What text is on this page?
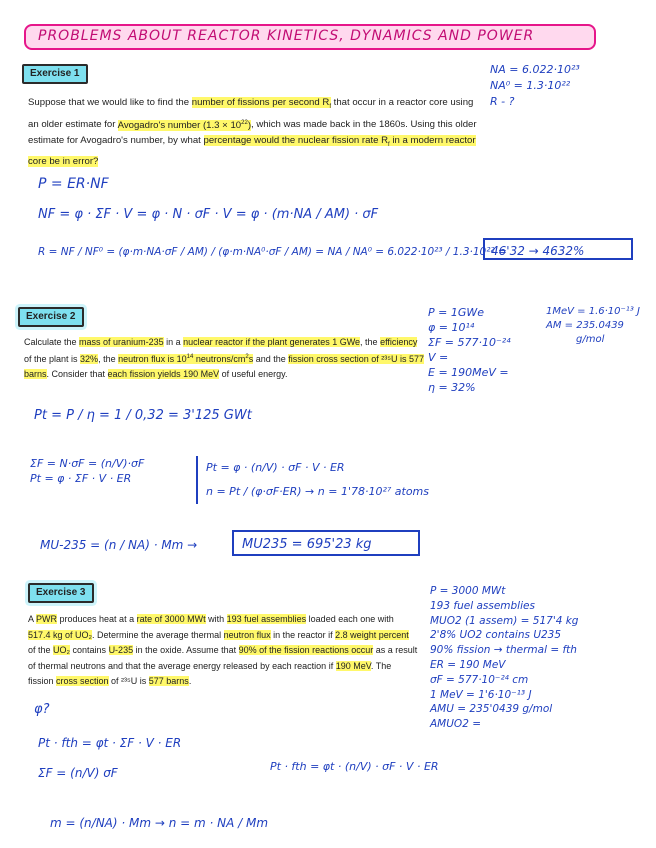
PROBLEMS ABOUT REACTOR KINETICS, DYNAMICS AND POWER
Exercise 1
Suppose that we would like to find the number of fissions per second $R_f$ that occur in a reactor core using an older estimate for Avogadro's number $(1.3 \times 10^{22})$, which was made back in the 1860s. Using this older estimate for Avogadro's number, by what percentage would the nuclear fission rate $R_f$ in a modern reactor core be in error?
NA = 6.022·10²³
NA⁰ = 1.3·10²²
R - ?
P = ER·NF
NF = φ · ΣF · V = φ · N · σF · V = φ · (m·NA / AM) · σF
R = NF / NF⁰ = (φ·m·NA·σF / AM) / (φ·m·NA⁰·σF / AM) = NA / NA⁰ = 6.022·10²³ / 1.3·10²² =
46'32 → 4632%
Exercise 2
Calculate the mass of uranium-235 in a nuclear reactor if the plant generates 1 GWe, the efficiency of the plant is 32%, the neutron flux is $10^{14}$ neutrons/$cm^2s$ and the fission cross section of ²³⁵U is 577 barns. Consider that each fission yields 190 MeV of useful energy.
P = 1GWe
φ = 10¹⁴
ΣF = 577·10⁻²⁴
V =
E = 190MeV =
η = 32%
1MeV = 1.6·10⁻¹³ J
AM = 235.0439
g/mol
Pt = P / η = 1 / 0,32 = 3'125 GWt
ΣF = N·σF = (n/V)·σF
Pt = φ · ΣF · V · ER
Pt = φ · (n/V) · σF · V · ER
n = Pt / (φ·σF·ER) → n = 1'78·10²⁷ atoms
MU-235 = (n / NA) · Mm →	MU235 = 695'23 kg
Exercise 3
A PWR produces heat at a rate of 3000 MWt with 193 fuel assemblies loaded each one with 517.4 kg of UO₂. Determine the average thermal neutron flux in the reactor if 2.8 weight percent of the UO₂ contains U-235 in the oxide. Assume that 90% of the fission reactions occur as a result of thermal neutrons and that the average energy released by each reaction if 190 MeV. The fission cross section of ²³⁵U is 577 barns.
P = 3000 MWt
193 fuel assemblies
MUO2 (1 assem) = 517'4 kg
2'8% UO2 contains U235
90% fission → thermal = fth
ER = 190 MeV
σF = 577·10⁻²⁴ cm
1 MeV = 1'6·10⁻¹³ J
AMU = 235'0439 g/mol
AMUO2 =
φ?
Pt · fth = φt · ΣF · V · ER
ΣF = (n/V) σF	Pt · fth = φt · (n/V) · σF · V · ER
m = (n/NA) · Mm → n = m · NA / Mm
